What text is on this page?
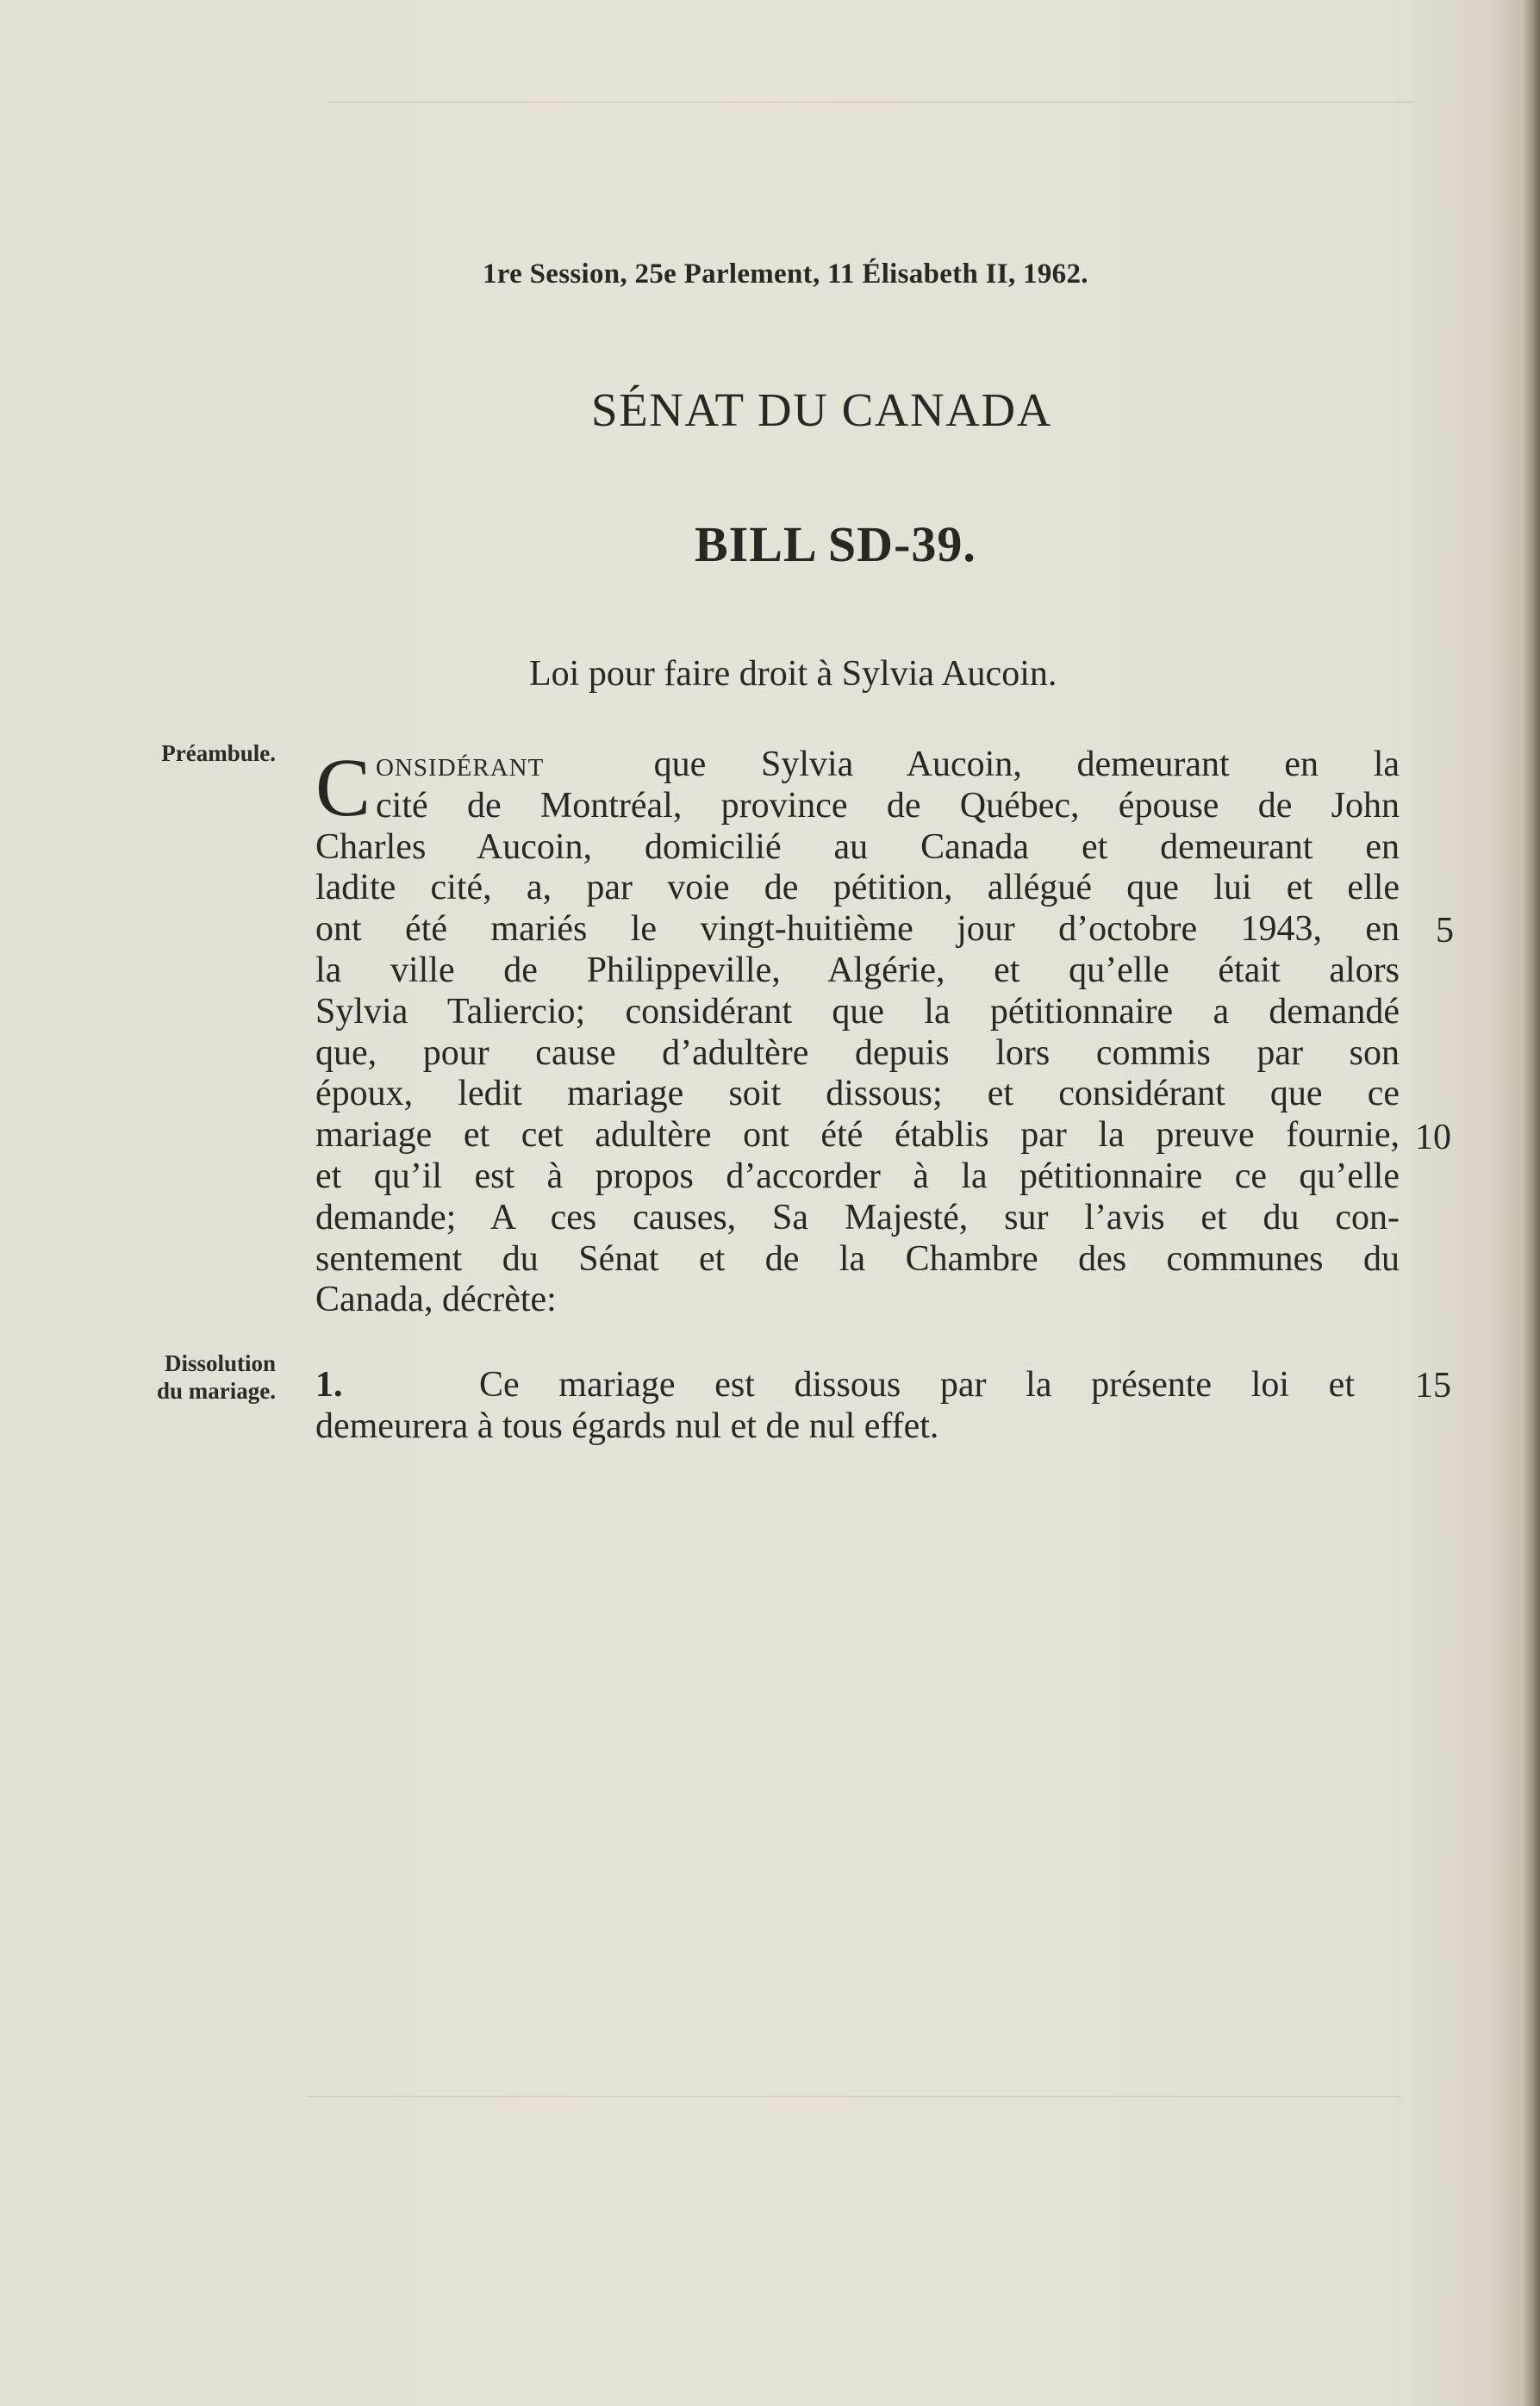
1re Session, 25e Parlement, 11 Élisabeth II, 1962.
SÉNAT DU CANADA
BILL SD-39.
Loi pour faire droit à Sylvia Aucoin.
Préambule.
Dissolution
du mariage.
C onsidérant	que Sylvia Aucoin, demeurant en la
cité de Montréal, province de Québec, épouse de John
Charles Aucoin, domicilié au Canada et demeurant en
ladite cité, a, par voie de pétition, allégué que lui et elle
ont été mariés le vingt-huitième jour d’octobre 1943, en
la ville de Philippeville, Algérie, et qu’elle était alors
Sylvia Taliercio; considérant que la pétitionnaire a demandé
que, pour cause d’adultère depuis lors commis par son
époux, ledit mariage soit dissous; et considérant que ce
mariage et cet adultère ont été établis par la preuve fournie,
et qu’il est à propos d’accorder à la pétitionnaire ce qu’elle
demande; A ces causes, Sa Majesté, sur l’avis et du con-
sentement du Sénat et de la Chambre des communes du
Canada, décrète:
1.	Ce mariage est dissous par la présente loi et
demeurera à tous égards nul et de nul effet.
5
10
15
